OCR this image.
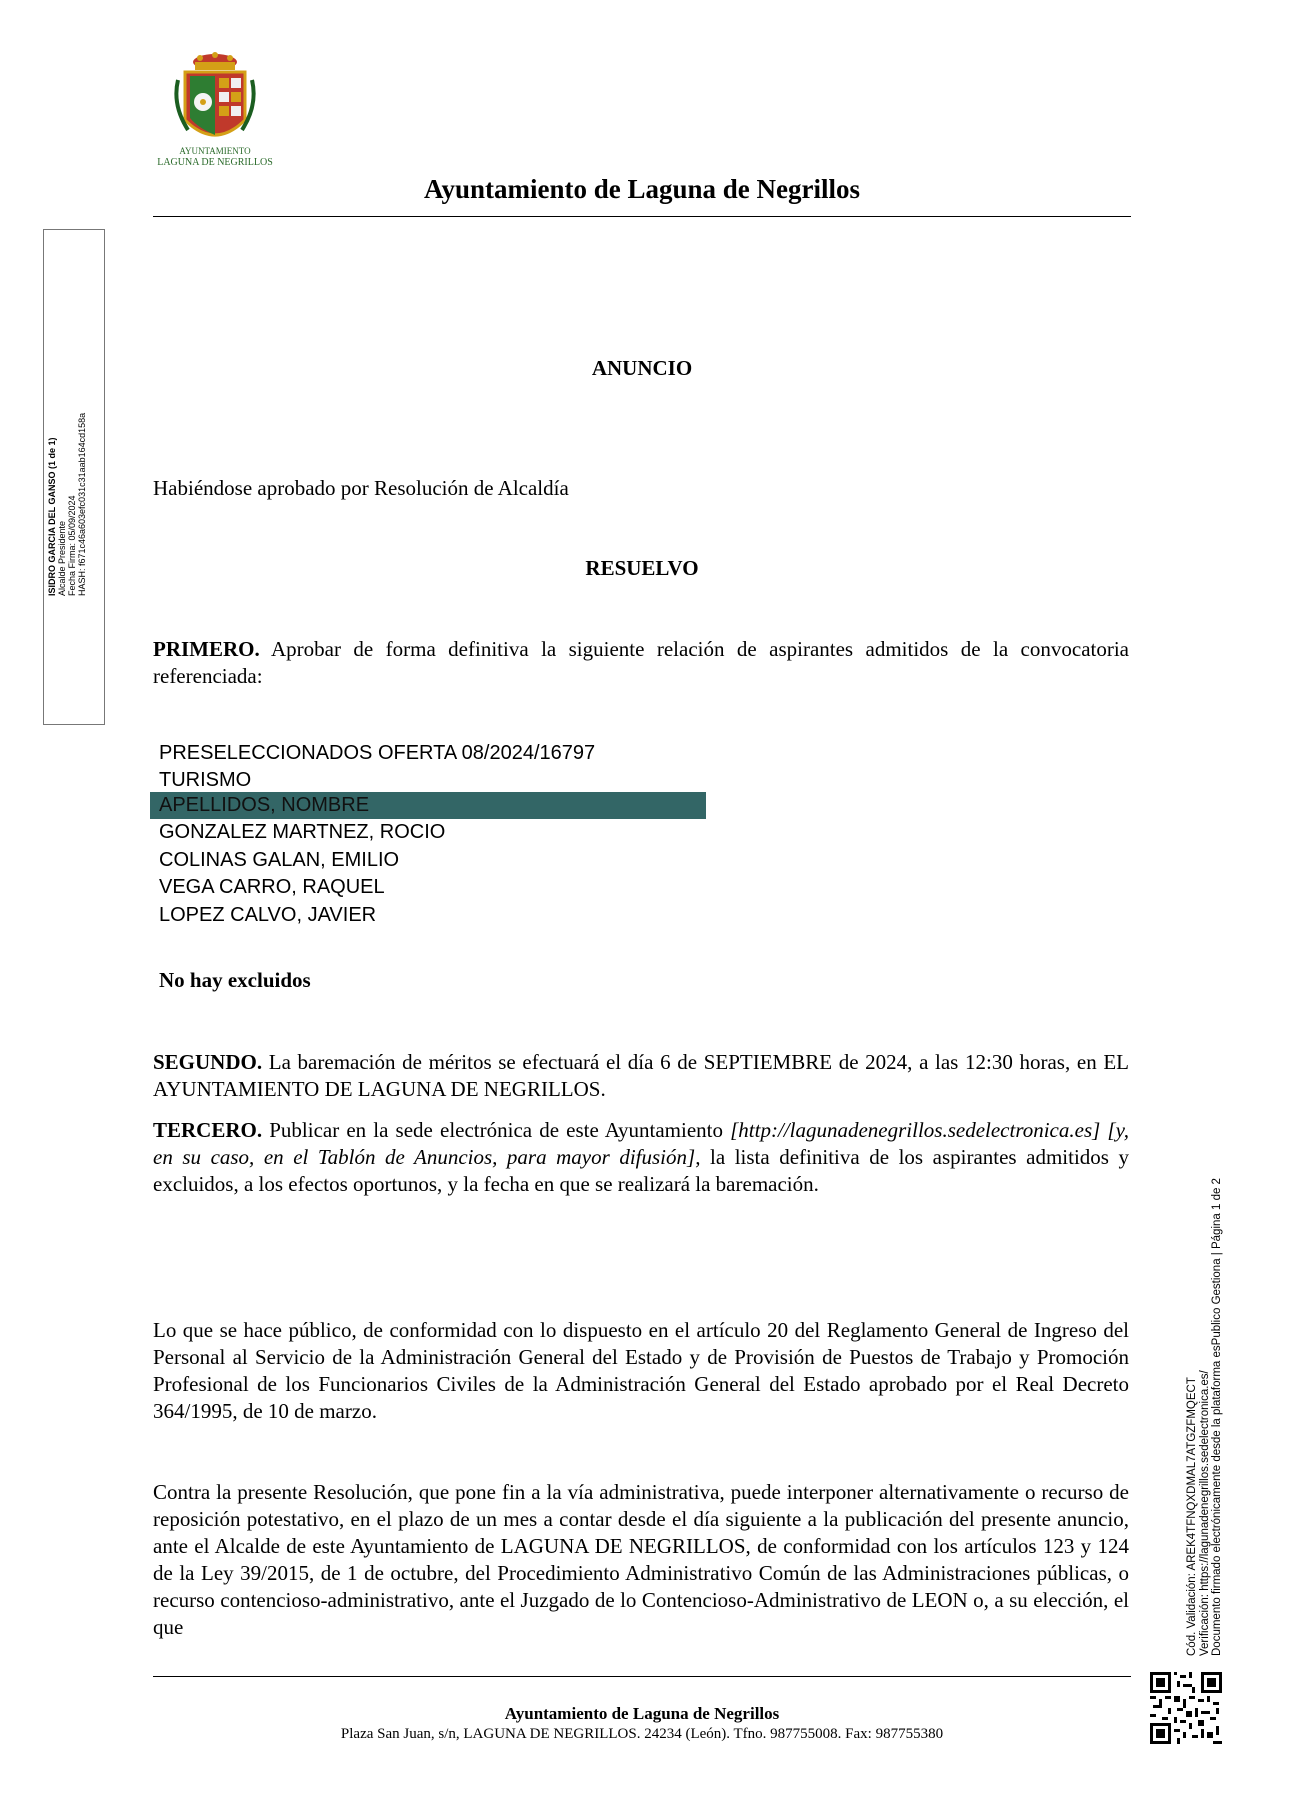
AYUNTAMIENTO
LAGUNA DE NEGRILLOS
Ayuntamiento de Laguna de Negrillos
ISIDRO GARCIA DEL GANSO (1 de 1) Alcalde Presidente Fecha Firma: 05/09/2024 HASH: f671c46a603efc031c31aab164cd158a
ANUNCIO
Habiéndose aprobado por Resolución de Alcaldía
RESUELVO
PRIMERO. Aprobar de forma definitiva la siguiente relación de aspirantes admitidos de la convocatoria referenciada:
PRESELECCIONADOS OFERTA 08/2024/16797
TURISMO
APELLIDOS, NOMBRE
GONZALEZ MARTNEZ, ROCIO
COLINAS GALAN, EMILIO
VEGA CARRO, RAQUEL
LOPEZ CALVO, JAVIER
No hay excluidos
SEGUNDO. La baremación de méritos se efectuará el día 6 de SEPTIEMBRE de 2024, a las 12:30 horas, en EL AYUNTAMIENTO DE LAGUNA DE NEGRILLOS.
TERCERO. Publicar en la sede electrónica de este Ayuntamiento [http://lagunadenegrillos.sedelectronica.es] [y, en su caso, en el Tablón de Anuncios, para mayor difusión], la lista definitiva de los aspirantes admitidos y excluidos, a los efectos oportunos, y la fecha en que se realizará la baremación.
Lo que se hace público, de conformidad con lo dispuesto en el artículo 20 del Reglamento General de Ingreso del Personal al Servicio de la Administración General del Estado y de Provisión de Puestos de Trabajo y Promoción Profesional de los Funcionarios Civiles de la Administración General del Estado aprobado por el Real Decreto 364/1995, de 10 de marzo.
Contra la presente Resolución, que pone fin a la vía administrativa, puede interponer alternativamente o recurso de reposición potestativo, en el plazo de un mes a contar desde el día siguiente a la publicación del presente anuncio, ante el Alcalde de este Ayuntamiento de LAGUNA DE NEGRILLOS, de conformidad con los artículos 123 y 124 de la Ley 39/2015, de 1 de octubre, del Procedimiento Administrativo Común de las Administraciones públicas, o recurso contencioso-administrativo, ante el Juzgado de lo Contencioso-Administrativo de LEON o, a su elección, el que
Ayuntamiento de Laguna de Negrillos
Plaza San Juan, s/n, LAGUNA DE NEGRILLOS. 24234 (León). Tfno. 987755008. Fax: 987755380
Cód. Validación: AREK4TFNQXDMAL7ATGZFMQECT Verificación: https://lagunadenegrillos.sedelectronica.es/ Documento firmado electrónicamente desde la plataforma esPublico Gestiona | Página 1 de 2
